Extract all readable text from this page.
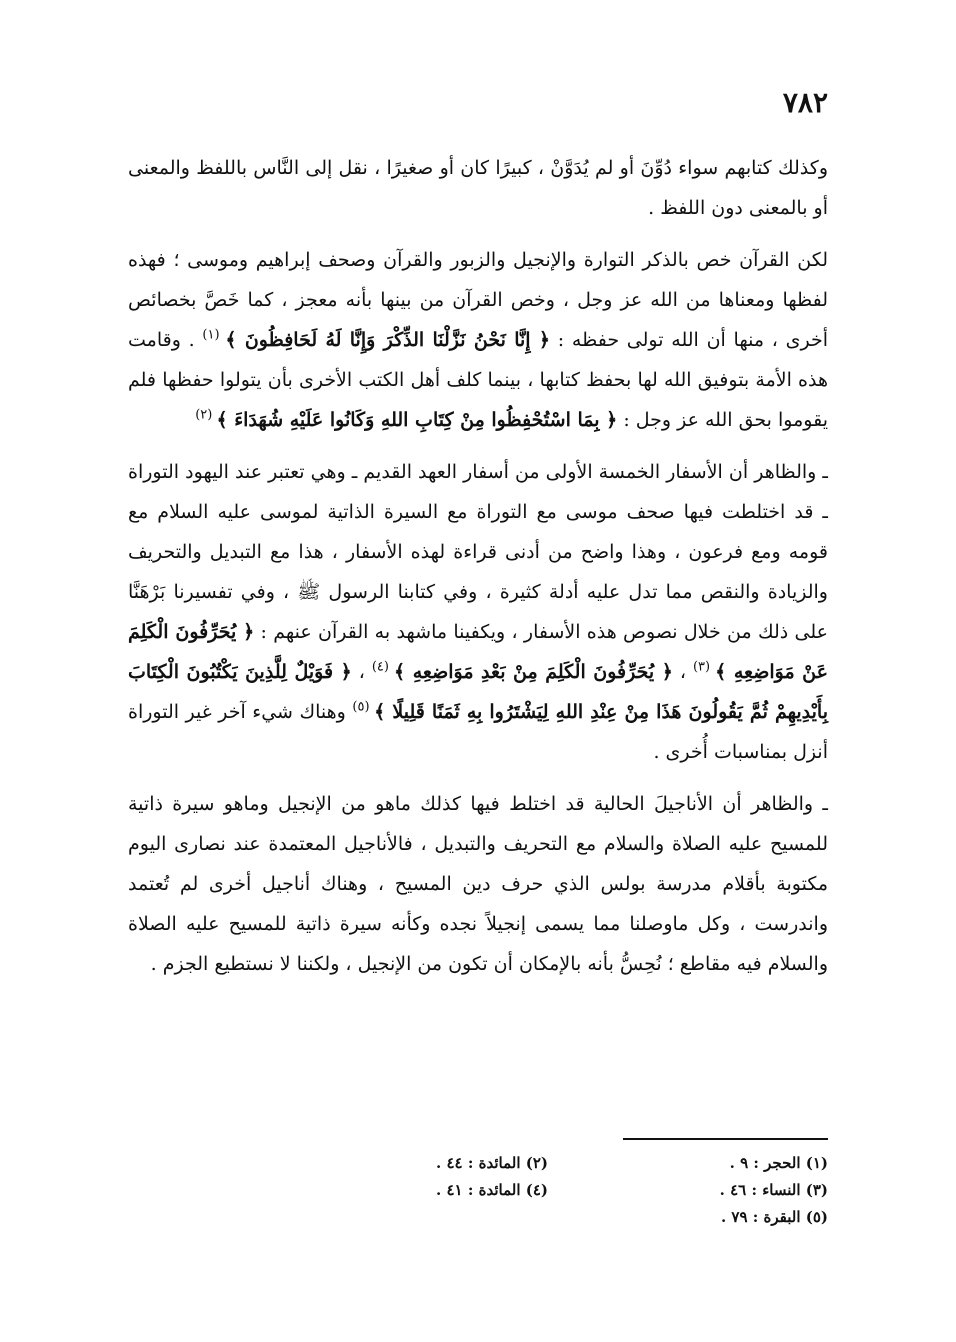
٧٨٢

وكذلك كتابهم سواء دُوِّنَ أو لم يُدَوَّنْ ، كبيرًا كان أو صغيرًا ، نقل إلى النَّاس باللفظ والمعنى أو بالمعنى دون اللفظ .

لكن القرآن خص بالذكر التوارة والإنجيل والزبور والقرآن وصحف إبراهيم وموسى ؛ فهذه لفظها ومعناها من الله عز وجل ، وخص القرآن من بينها بأنه معجز ، كما خَصَّ بخصائص أخرى ، منها أن الله تولى حفظه : ﴿ إِنَّا نَحْنُ نَزَّلْنَا الذِّكْرَ وَإِنَّا لَهُ لَحَافِظُونَ ﴾ $^{(١)}$ . وقامت هذه الأمة بتوفيق الله لها بحفظ كتابها ، بينما كلف أهل الكتب الأخرى بأن يتولوا حفظها فلم يقوموا بحق الله عز وجل : ﴿ بِمَا اسْتُحْفِظُوا مِنْ كِتَابِ اللهِ وَكَانُوا عَلَيْهِ شُهَدَاءَ ﴾ $^{(٢)}$

ـ والظاهر أن الأسفار الخمسة الأولى من أسفار العهد القديم ـ وهي تعتبر عند اليهود التوراة ـ قد اختلطت فيها صحف موسى مع التوراة مع السيرة الذاتية لموسى عليه السلام مع قومه ومع فرعون ، وهذا واضح من أدنى قراءة لهذه الأسفار ، هذا مع التبديل والتحريف والزيادة والنقص مما تدل عليه أدلة كثيرة ، وفي كتابنا الرسول ﷺ ، وفي تفسيرنا بَرْهَنَّا على ذلك من خلال نصوص هذه الأسفار ، ويكفينا ماشهد به القرآن عنهم : ﴿ يُحَرِّفُونَ الْكَلِمَ عَنْ مَوَاضِعِهِ ﴾ $^{(٣)}$ ، ﴿ يُحَرِّفُونَ الْكَلِمَ مِنْ بَعْدِ مَوَاضِعِهِ ﴾ $^{(٤)}$ ، ﴿ فَوَيْلٌ لِلَّذِينَ يَكْتُبُونَ الْكِتَابَ بِأَيْدِيهِمْ ثُمَّ يَقُولُونَ هَذَا مِنْ عِنْدِ اللهِ لِيَشْتَرُوا بِهِ ثَمَنًا قَلِيلًا ﴾ $^{(٥)}$ وهناك شيء آخر غير التوراة أنزل بمناسبات أُخرى .

ـ والظاهر أن الأناجيلَ الحالية قد اختلط فيها كذلك ماهو من الإنجيل وماهو سيرة ذاتية للمسيح عليه الصلاة والسلام مع التحريف والتبديل ، فالأناجيل المعتمدة عند نصارى اليوم مكتوبة بأقلام مدرسة بولس الذي حرف دين المسيح ، وهناك أناجيل أخرى لم تُعتمد واندرست ، وكل ماوصلنا مما يسمى إنجيلاً نجده وكأنه سيرة ذاتية للمسيح عليه الصلاة والسلام فيه مقاطع ؛ نُحِسُّ بأنه بالإمكان أن تكون من الإنجيل ، ولكننا لا نستطيع الجزم .

(١) الحجر : ٩ .
(٢) المائدة : ٤٤ .
(٣) النساء : ٤٦ .
(٤) المائدة : ٤١ .
(٥) البقرة : ٧٩ .
